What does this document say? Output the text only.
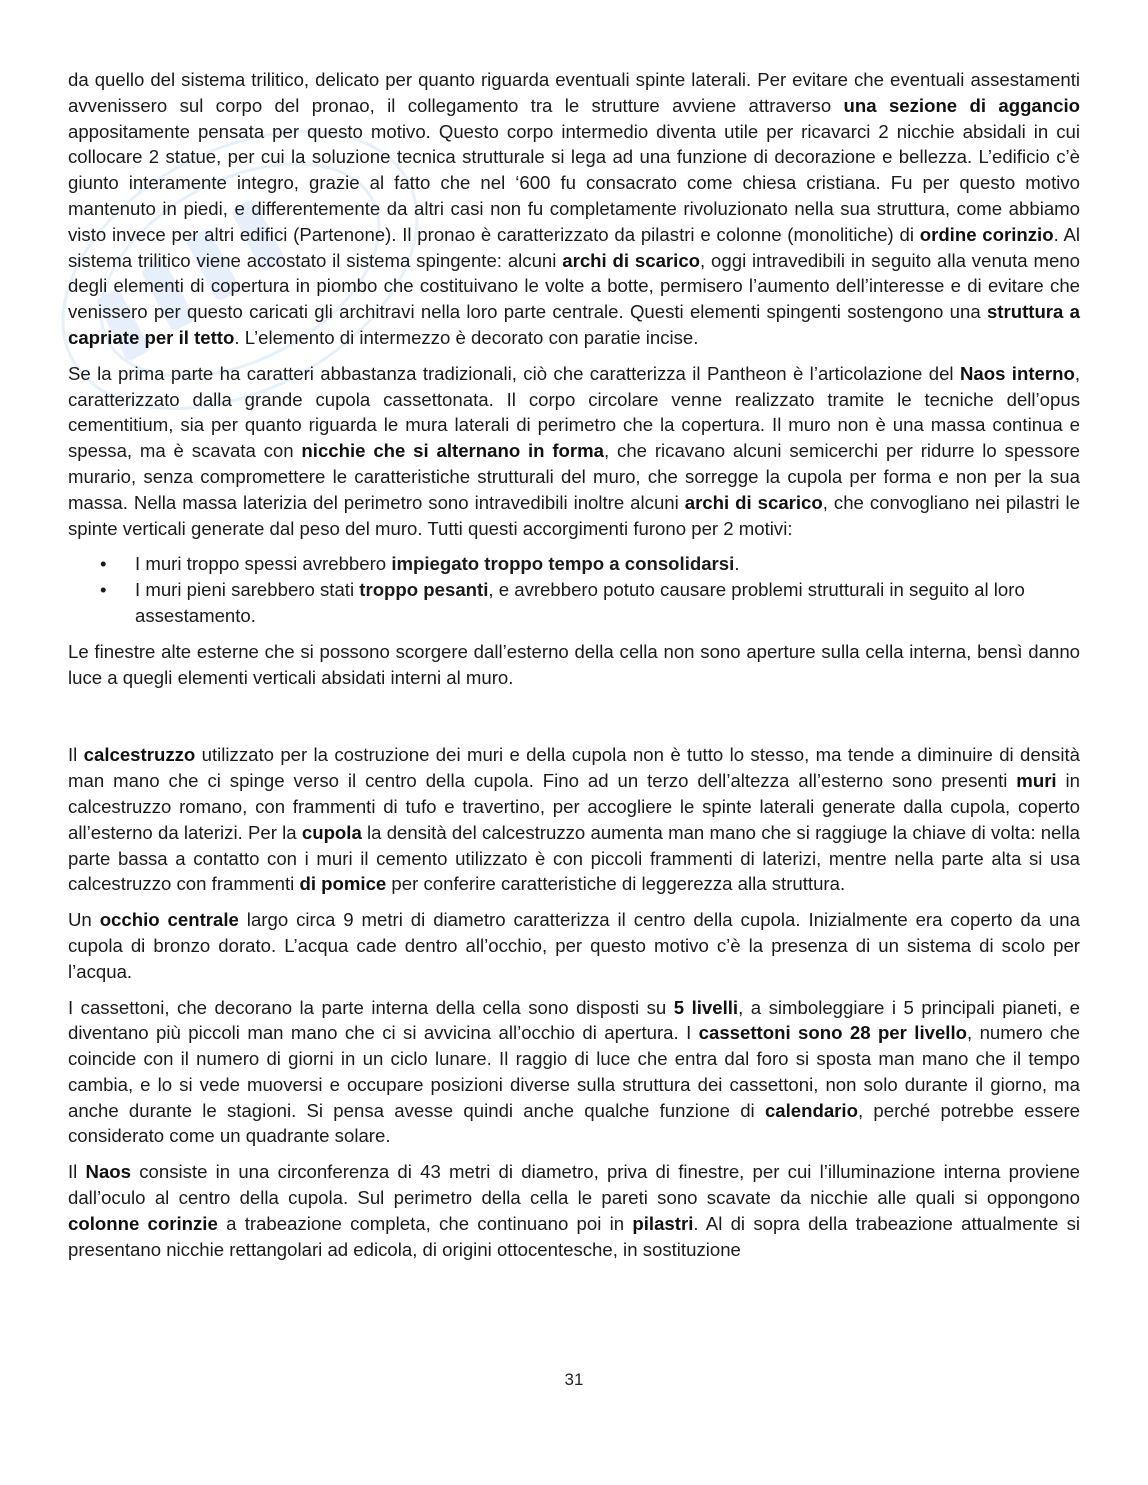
da quello del sistema trilitico, delicato per quanto riguarda eventuali spinte laterali. Per evitare che eventuali assestamenti avvenissero sul corpo del pronao, il collegamento tra le strutture avviene attraverso una sezione di aggancio appositamente pensata per questo motivo. Questo corpo intermedio diventa utile per ricavarci 2 nicchie absidali in cui collocare 2 statue, per cui la soluzione tecnica strutturale si lega ad una funzione di decorazione e bellezza. L’edificio c’è giunto interamente integro, grazie al fatto che nel ‘600 fu consacrato come chiesa cristiana. Fu per questo motivo mantenuto in piedi, e differentemente da altri casi non fu completamente rivoluzionato nella sua struttura, come abbiamo visto invece per altri edifici (Partenone). Il pronao è caratterizzato da pilastri e colonne (monolitiche) di ordine corinzio. Al sistema trilitico viene accostato il sistema spingente: alcuni archi di scarico, oggi intravedibili in seguito alla venuta meno degli elementi di copertura in piombo che costituivano le volte a botte, permisero l’aumento dell’interesse e di evitare che venissero per questo caricati gli architravi nella loro parte centrale. Questi elementi spingenti sostengono una struttura a capriate per il tetto. L’elemento di intermezzo è decorato con paratie incise.

Se la prima parte ha caratteri abbastanza tradizionali, ciò che caratterizza il Pantheon è l’articolazione del Naos interno, caratterizzato dalla grande cupola cassettonata. Il corpo circolare venne realizzato tramite le tecniche dell’opus cementitium, sia per quanto riguarda le mura laterali di perimetro che la copertura. Il muro non è una massa continua e spessa, ma è scavata con nicchie che si alternano in forma, che ricavano alcuni semicerchi per ridurre lo spessore murario, senza compromettere le caratteristiche strutturali del muro, che sorregge la cupola per forma e non per la sua massa. Nella massa laterizia del perimetro sono intravedibili inoltre alcuni archi di scarico, che convogliano nei pilastri le spinte verticali generate dal peso del muro. Tutti questi accorgimenti furono per 2 motivi:

•	I muri troppo spessi avrebbero impiegato troppo tempo a consolidarsi.
•	I muri pieni sarebbero stati troppo pesanti, e avrebbero potuto causare problemi strutturali in seguito al loro assestamento.

Le finestre alte esterne che si possono scorgere dall’esterno della cella non sono aperture sulla cella interna, bensì danno luce a quegli elementi verticali absidati interni al muro.

Il calcestruzzo utilizzato per la costruzione dei muri e della cupola non è tutto lo stesso, ma tende a diminuire di densità man mano che ci spinge verso il centro della cupola. Fino ad un terzo dell’altezza all’esterno sono presenti muri in calcestruzzo romano, con frammenti di tufo e travertino, per accogliere le spinte laterali generate dalla cupola, coperto all’esterno da laterizi. Per la cupola la densità del calcestruzzo aumenta man mano che si raggiuge la chiave di volta: nella parte bassa a contatto con i muri il cemento utilizzato è con piccoli frammenti di laterizi, mentre nella parte alta si usa calcestruzzo con frammenti di pomice per conferire caratteristiche di leggerezza alla struttura.

Un occhio centrale largo circa 9 metri di diametro caratterizza il centro della cupola. Inizialmente era coperto da una cupola di bronzo dorato. L’acqua cade dentro all’occhio, per questo motivo c’è la presenza di un sistema di scolo per l’acqua.

I cassettoni, che decorano la parte interna della cella sono disposti su 5 livelli, a simboleggiare i 5 principali pianeti, e diventano più piccoli man mano che ci si avvicina all’occhio di apertura. I cassettoni sono 28 per livello, numero che coincide con il numero di giorni in un ciclo lunare. Il raggio di luce che entra dal foro si sposta man mano che il tempo cambia, e lo si vede muoversi e occupare posizioni diverse sulla struttura dei cassettoni, non solo durante il giorno, ma anche durante le stagioni. Si pensa avesse quindi anche qualche funzione di calendario, perché potrebbe essere considerato come un quadrante solare.

Il Naos consiste in una circonferenza di 43 metri di diametro, priva di finestre, per cui l’illuminazione interna proviene dall’oculo al centro della cupola. Sul perimetro della cella le pareti sono scavate da nicchie alle quali si oppongono colonne corinzie a trabeazione completa, che continuano poi in pilastri. Al di sopra della trabeazione attualmente si presentano nicchie rettangolari ad edicola, di origini ottocentesche, in sostituzione

31
